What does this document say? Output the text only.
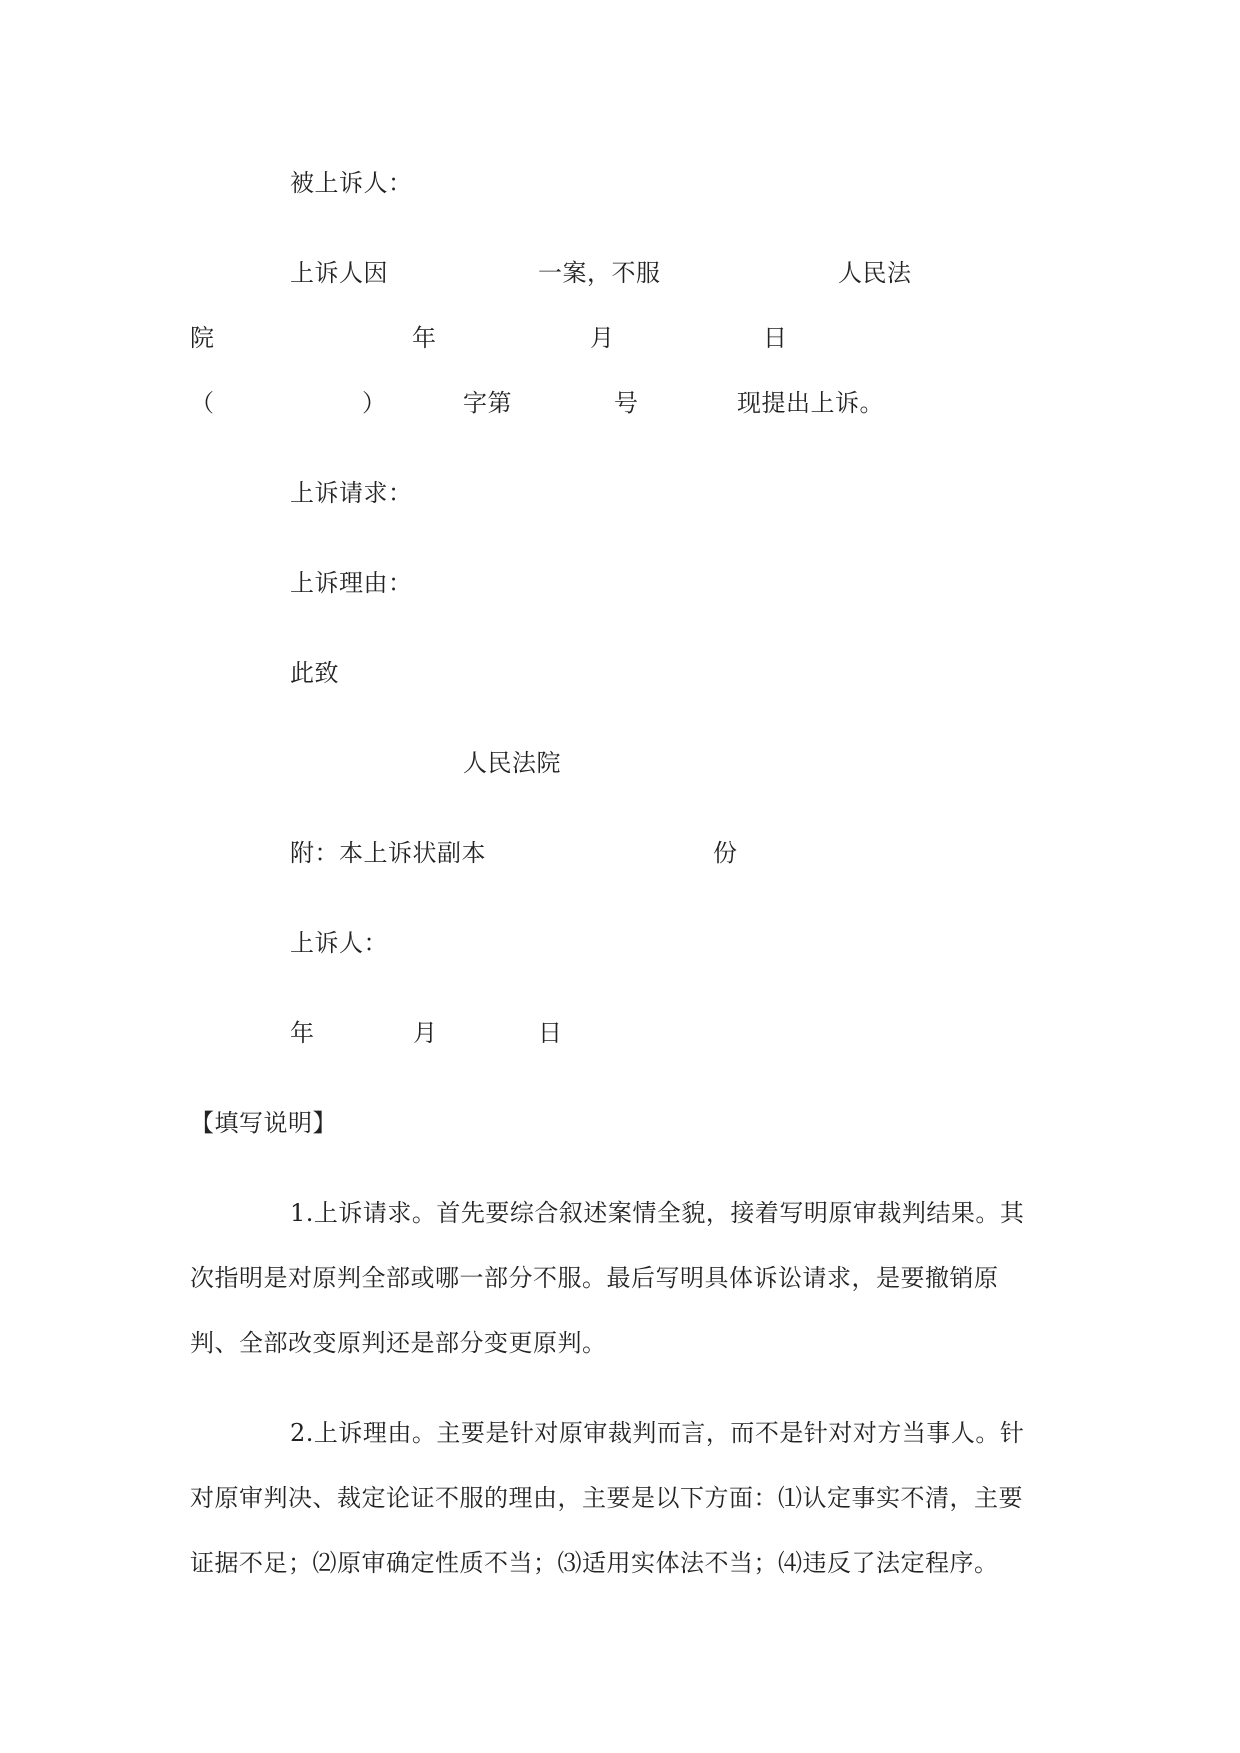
被上诉人：
上诉人因	一案，不服	人民法
院	年	月	日
（	）	字第	号	现提出上诉。
上诉请求：
上诉理由：
此致
人民法院
附：本上诉状副本	份
上诉人：
年	月	日
【填写说明】
1.上诉请求。首先要综合叙述案情全貌，接着写明原审裁判结果。其
次指明是对原判全部或哪一部分不服。最后写明具体诉讼请求，是要撤销原
判、全部改变原判还是部分变更原判。
2.上诉理由。主要是针对原审裁判而言，而不是针对对方当事人。针
对原审判决、裁定论证不服的理由，主要是以下方面：⑴认定事实不清，主要
证据不足；⑵原审确定性质不当；⑶适用实体法不当；⑷违反了法定程序。
